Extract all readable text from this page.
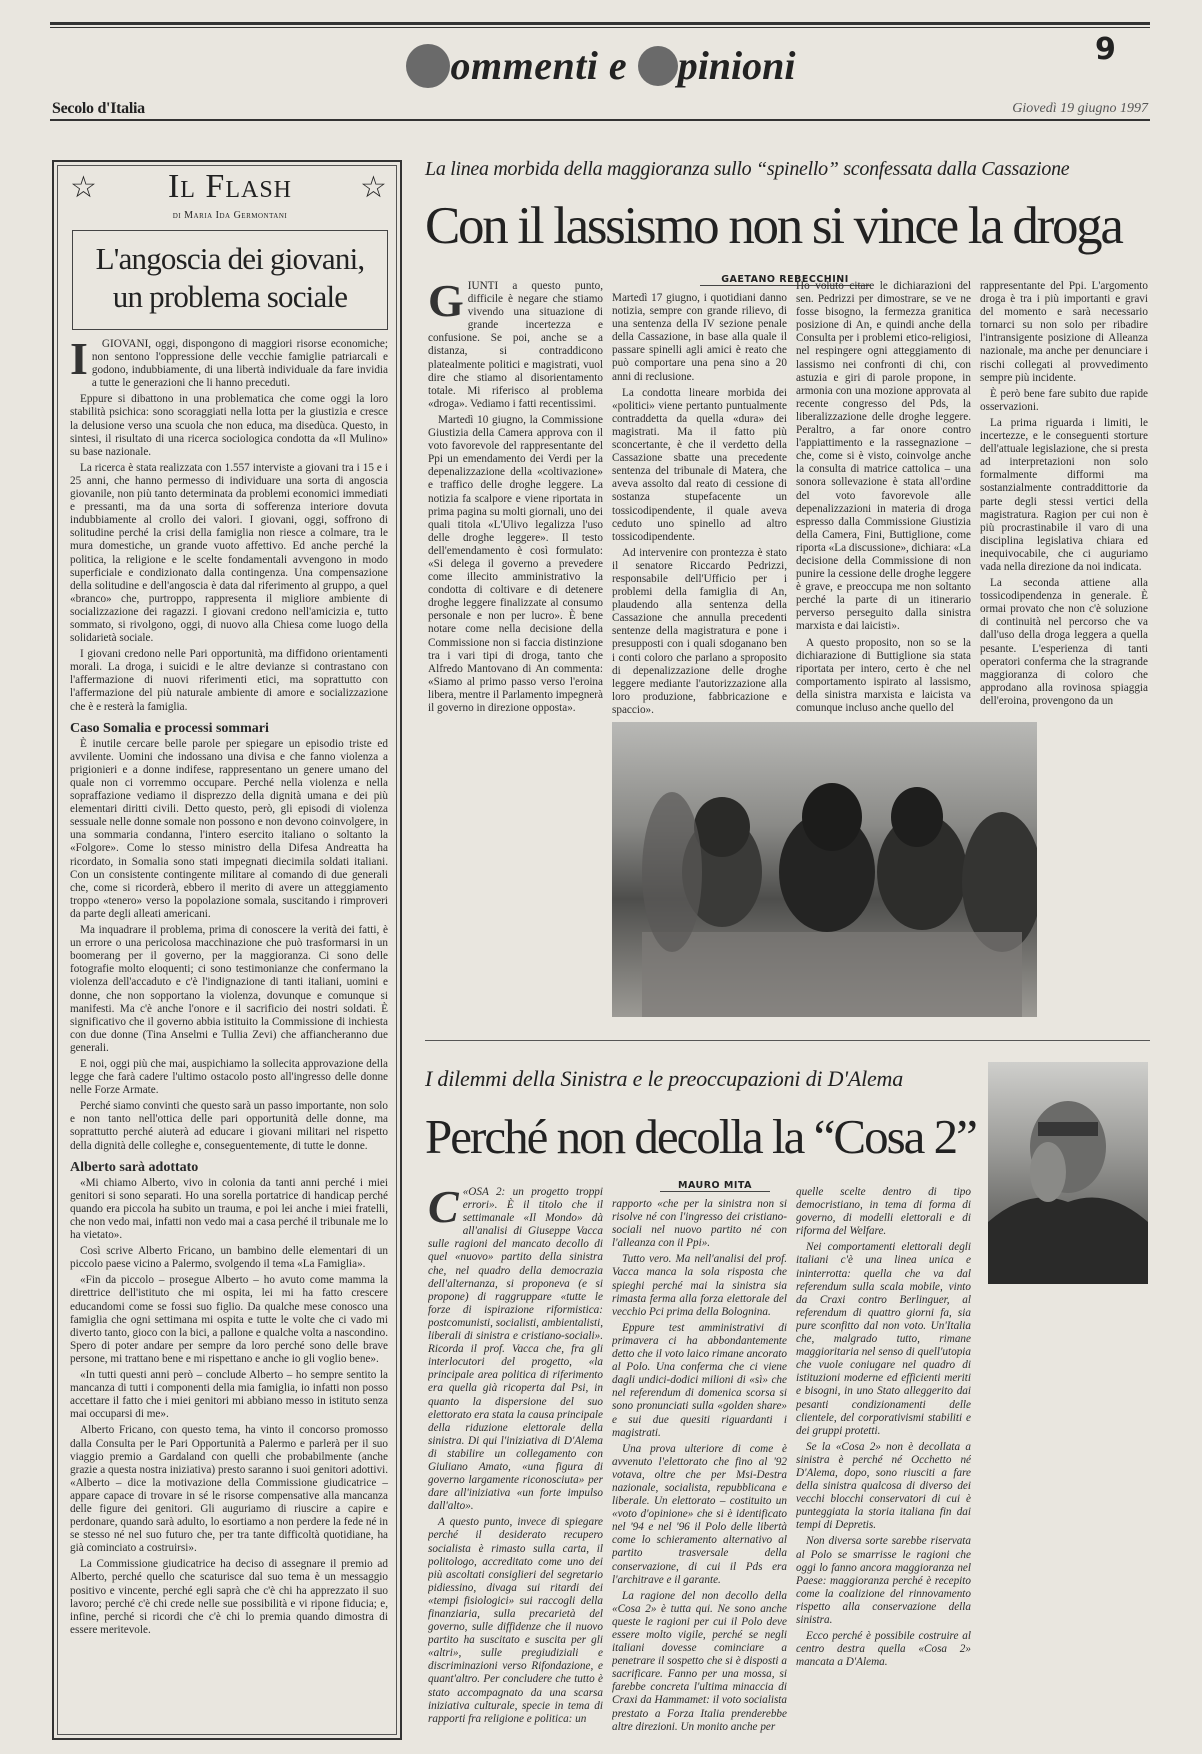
ommenti e pinioni	9
Secolo d'Italia	Giovedì 19 giugno 1997
☆	☆
Il Flash
di Maria Ida Germontani
L'angoscia dei giovani, un problema sociale
I	GIOVANI, oggi, dispongono di maggiori risorse economiche; non sentono l'oppressione delle vecchie famiglie patriarcali e godono, indubbiamente, di una libertà individuale da fare invidia a tutte le generazioni che li hanno preceduti.

Eppure si dibattono in una problematica che come oggi la loro stabilità psichica: sono scoraggiati nella lotta per la giustizia e cresce la delusione verso una scuola che non educa, ma disedùca. Questo, in sintesi, il risultato di una ricerca sociologica condotta da «Il Mulino» su base nazionale.

La ricerca è stata realizzata con 1.557 interviste a giovani tra i 15 e i 25 anni, che hanno permesso di individuare una sorta di angoscia giovanile, non più tanto determinata da problemi economici immediati e pressanti, ma da una sorta di sofferenza interiore dovuta indubbiamente al crollo dei valori. I giovani, oggi, soffrono di solitudine perché la crisi della famiglia non riesce a colmare, tra le mura domestiche, un grande vuoto affettivo. Ed anche perché la politica, la religione e le scelte fondamentali avvengono in modo superficiale e condizionato dalla contingenza. Una compensazione della solitudine e dell'angoscia è data dal riferimento al gruppo, a quel «branco» che, purtroppo, rappresenta il migliore ambiente di socializzazione dei ragazzi. I giovani credono nell'amicizia e, tutto sommato, si rivolgono, oggi, di nuovo alla Chiesa come luogo della solidarietà sociale.

I giovani credono nelle Pari opportunità, ma diffidono orientamenti morali. La droga, i suicidi e le altre devianze si contrastano con l'affermazione di nuovi riferimenti etici, ma soprattutto con l'affermazione del più naturale ambiente di amore e socializzazione che è e resterà la famiglia.

Caso Somalia e processi sommari

È inutile cercare belle parole per spiegare un episodio triste ed avvilente. Uomini che indossano una divisa e che fanno violenza a prigionieri e a donne indifese, rappresentano un genere umano del quale non ci vorremmo occupare. Perché nella violenza e nella sopraffazione vediamo il disprezzo della dignità umana e dei più elementari diritti civili. Detto questo, però, gli episodi di violenza sessuale nelle donne somale non possono e non devono coinvolgere, in una sommaria condanna, l'intero esercito italiano o soltanto la «Folgore». Come lo stesso ministro della Difesa Andreatta ha ricordato, in Somalia sono stati impegnati diecimila soldati italiani. Con un consistente contingente militare al comando di due generali che, come si ricorderà, ebbero il merito di avere un atteggiamento troppo «tenero» verso la popolazione somala, suscitando i rimproveri da parte degli alleati americani.

Ma inquadrare il problema, prima di conoscere la verità dei fatti, è un errore o una pericolosa macchinazione che può trasformarsi in un boomerang per il governo, per la maggioranza. Ci sono delle fotografie molto eloquenti; ci sono testimonianze che confermano la violenza dell'accaduto e c'è l'indignazione di tanti italiani, uomini e donne, che non sopportano la violenza, dovunque e comunque si manifesti. Ma c'è anche l'onore e il sacrificio dei nostri soldati. È significativo che il governo abbia istituito la Commissione di inchiesta con due donne (Tina Anselmi e Tullia Zevi) che affiancheranno due generali.

E noi, oggi più che mai, auspichiamo la sollecita approvazione della legge che farà cadere l'ultimo ostacolo posto all'ingresso delle donne nelle Forze Armate.

Perché siamo convinti che questo sarà un passo importante, non solo e non tanto nell'ottica delle pari opportunità delle donne, ma soprattutto perché aiuterà ad educare i giovani militari nel rispetto della dignità delle colleghe e, conseguentemente, di tutte le donne.

Alberto sarà adottato

«Mi chiamo Alberto, vivo in colonia da tanti anni perché i miei genitori si sono separati. Ho una sorella portatrice di handicap perché quando era piccola ha subito un trauma, e poi lei anche i miei fratelli, che non vedo mai, infatti non vedo mai a casa perché il tribunale me lo ha vietato».

Così scrive Alberto Fricano, un bambino delle elementari di un piccolo paese vicino a Palermo, svolgendo il tema «La Famiglia».

«Fin da piccolo – prosegue Alberto – ho avuto come mamma la direttrice dell'istituto che mi ospita, lei mi ha fatto crescere educandomi come se fossi suo figlio. Da qualche mese conosco una famiglia che ogni settimana mi ospita e tutte le volte che ci vado mi diverto tanto, gioco con la bici, a pallone e qualche volta a nascondino. Spero di poter andare per sempre da loro perché sono delle brave persone, mi trattano bene e mi rispettano e anche io gli voglio bene».

«In tutti questi anni però – conclude Alberto – ho sempre sentito la mancanza di tutti i componenti della mia famiglia, io infatti non posso accettare il fatto che i miei genitori mi abbiano messo in istituto senza mai occuparsi di me».

Alberto Fricano, con questo tema, ha vinto il concorso promosso dalla Consulta per le Pari Opportunità a Palermo e parlerà per il suo viaggio premio a Gardaland con quelli che probabilmente (anche grazie a questa nostra iniziativa) presto saranno i suoi genitori adottivi. «Alberto – dice la motivazione della Commissione giudicatrice – appare capace di trovare in sé le risorse compensative alla mancanza delle figure dei genitori. Gli auguriamo di riuscire a capire e perdonare, quando sarà adulto, lo esortiamo a non perdere la fede né in se stesso né nel suo futuro che, per tra tante difficoltà quotidiane, ha già cominciato a costruirsi».

La Commissione giudicatrice ha deciso di assegnare il premio ad Alberto, perché quello che scaturisce dal suo tema è un messaggio positivo e vincente, perché egli saprà che c'è chi ha apprezzato il suo lavoro; perché c'è chi crede nelle sue possibilità e vi ripone fiducia; e, infine, perché si ricordi che c'è chi lo premia quando dimostra di essere meritevole.

La linea morbida della maggioranza sullo “spinello” sconfessata dalla Cassazione
Con il lassismo non si vince la droga
GAETANO REBECCHINI
G IUNTI a questo punto, difficile è negare che stiamo vivendo una situazione di grande incertezza e confusione. Se poi, anche se a distanza, si contraddicono platealmente politici e magistrati, vuol dire che stiamo al disorientamento totale. Mi riferisco al problema «droga». Vediamo i fatti recentissimi.

Martedì 10 giugno, la Commissione Giustizia della Camera approva con il voto favorevole del rappresentante del Ppi un emendamento dei Verdi per la depenalizzazione della «coltivazione» e traffico delle droghe leggere. La notizia fa scalpore e viene riportata in prima pagina su molti giornali, uno dei quali titola «L'Ulivo legalizza l'uso delle droghe leggere». Il testo dell'emendamento è così formulato: «Si delega il governo a prevedere come illecito amministrativo la condotta di coltivare e di detenere droghe leggere finalizzate al consumo personale e non per lucro». È bene notare come nella decisione della Commissione non si faccia distinzione tra i vari tipi di droga, tanto che Alfredo Mantovano di An commenta: «Siamo al primo passo verso l'eroina libera, mentre il Parlamento impegnerà il governo in direzione opposta».

Martedì 17 giugno, i quotidiani danno notizia, sempre con grande rilievo, di una sentenza della IV sezione penale della Cassazione, in base alla quale il passare spinelli agli amici è reato che può comportare una pena sino a 20 anni di reclusione.

La condotta lineare morbida dei «politici» viene pertanto puntualmente contraddetta da quella «dura» dei magistrati. Ma il fatto più sconcertante, è che il verdetto della Cassazione sbatte una precedente sentenza del tribunale di Matera, che aveva assolto dal reato di cessione di sostanza stupefacente un tossicodipendente, il quale aveva ceduto uno spinello ad altro tossicodipendente.

Ad intervenire con prontezza è stato il senatore Riccardo Pedrizzi, responsabile dell'Ufficio per i problemi della famiglia di An, plaudendo alla sentenza della Cassazione che annulla precedenti sentenze della magistratura e pone i presupposti con i quali sdoganano ben i conti coloro che parlano a sproposito di depenalizzazione delle droghe leggere mediante l'autorizzazione alla loro produzione, fabbricazione e spaccio».

Ho voluto citare le dichiarazioni del sen. Pedrizzi per dimostrare, se ve ne fosse bisogno, la fermezza granitica posizione di An, e quindi anche della Consulta per i problemi etico-religiosi, nel respingere ogni atteggiamento di lassismo nei confronti di chi, con astuzia e giri di parole propone, in armonia con una mozione approvata al recente congresso del Pds, la liberalizzazione delle droghe leggere. Peraltro, a far onore contro l'appiattimento e la rassegnazione – che, come si è visto, coinvolge anche la consulta di matrice cattolica – una sonora sollevazione è stata all'ordine del voto favorevole alle depenalizzazioni in materia di droga espresso dalla Commissione Giustizia della Camera, Fini, Buttiglione, come riporta «La discussione», dichiara: «La decisione della Commissione di non punire la cessione delle droghe leggere è grave, e preoccupa me non soltanto perché la parte di un itinerario perverso perseguito dalla sinistra marxista e dai laicisti».

A questo proposito, non so se la dichiarazione di Buttiglione sia stata riportata per intero, certo è che nel comportamento ispirato al lassismo, della sinistra marxista e laicista va comunque incluso anche quello del

rappresentante del Ppi. L'argomento droga è tra i più importanti e gravi del momento e sarà necessario tornarci su non solo per ribadire l'intransigente posizione di Alleanza nazionale, ma anche per denunciare i rischi collegati al provvedimento sempre più incidente.

È però bene fare subito due rapide osservazioni.

La prima riguarda i limiti, le incertezze, e le conseguenti storture dell'attuale legislazione, che si presta ad interpretazioni non solo formalmente difformi ma sostanzialmente contraddittorie da parte degli stessi vertici della magistratura. Ragion per cui non è più procrastinabile il varo di una disciplina legislativa chiara ed inequivocabile, che ci auguriamo vada nella direzione da noi indicata.

La seconda attiene alla tossicodipendenza in generale. È ormai provato che non c'è soluzione di continuità nel percorso che va dall'uso della droga leggera a quella pesante. L'esperienza di tanti operatori conferma che la stragrande maggioranza di coloro che approdano alla rovinosa spiaggia dell'eroina, provengono da un

I dilemmi della Sinistra e le preoccupazioni di D'Alema
Perché non decolla la “Cosa 2”
MAURO MITA
C «OSA 2: un progetto troppi errori». È il titolo che il settimanale «Il Mondo» dà all'analisi di Giuseppe Vacca sulle ragioni del mancato decollo di quel «nuovo» partito della sinistra che, nel quadro della democrazia dell'alternanza, si proponeva (e si propone) di raggruppare «tutte le forze di ispirazione riformistica: postcomunisti, socialisti, ambientalisti, liberali di sinistra e cristiano-sociali». Ricorda il prof. Vacca che, fra gli interlocutori del progetto, «la principale area politica di riferimento era quella già ricoperta dal Psi, in quanto la dispersione del suo elettorato era stata la causa principale della riduzione elettorale della sinistra. Di qui l'iniziativa di D'Alema di stabilire un collegamento con Giuliano Amato, «una figura di governo largamente riconosciuta» per dare all'iniziativa «un forte impulso dall'alto».

A questo punto, invece di spiegare perché il desiderato recupero socialista è rimasto sulla carta, il politologo, accreditato come uno dei più ascoltati consiglieri del segretario pidiessino, divaga sui ritardi dei «tempi fisiologici» sui raccogli della finanziaria, sulla precarietà del governo, sulle diffidenze che il nuovo partito ha suscitato e suscita per gli «altri», sulle pregiudiziali e discriminazioni verso Rifondazione, e quant'altro. Per concludere che tutto è stato accompagnato da una scarsa iniziativa culturale, specie in tema di rapporti fra religione e politica: un

rapporto «che per la sinistra non si risolve né con l'ingresso dei cristiano-sociali nel nuovo partito né con l'alleanza con il Ppi».

Tutto vero. Ma nell'analisi del prof. Vacca manca la sola risposta che spieghi perché mai la sinistra sia rimasta ferma alla forza elettorale del vecchio Pci prima della Bolognina.

Eppure test amministrativi di primavera ci ha abbondantemente detto che il voto laico rimane ancorato al Polo. Una conferma che ci viene dagli undici-dodici milioni di «sì» che nel referendum di domenica scorsa si sono pronunciati sulla «golden share» e sui due quesiti riguardanti i magistrati.

Una prova ulteriore di come è avvenuto l'elettorato che fino al '92 votava, oltre che per Msi-Destra nazionale, socialista, repubblicana e liberale. Un elettorato – costituito un «voto d'opinione» che si è identificato nel '94 e nel '96 il Polo delle libertà come lo schieramento alternativo al partito trasversale della conservazione, di cui il Pds era l'architrave e il garante.

La ragione del non decollo della «Cosa 2» è tutta qui. Ne sono anche queste le ragioni per cui il Polo deve essere molto vigile, perché se negli italiani dovesse cominciare a penetrare il sospetto che si è disposti a sacrificare. Fanno per una mossa, si farebbe concreta l'ultima minaccia di Craxi da Hammamet: il voto socialista prestato a Forza Italia prenderebbe altre direzioni. Un monito anche per

quelle scelte dentro di tipo democristiano, in tema di forma di governo, di modelli elettorali e di riforma del Welfare.

Nei comportamenti elettorali degli italiani c'è una linea unica e ininterrotta: quella che va dal referendum sulla scala mobile, vinto da Craxi contro Berlinguer, al referendum di quattro giorni fa, sia pure sconfitto dal non voto. Un'Italia che, malgrado tutto, rimane maggioritaria nel senso di quell'utopia che vuole coniugare nel quadro di istituzioni moderne ed efficienti meriti e bisogni, in uno Stato alleggerito dai pesanti condizionamenti delle clientele, del corporativismi stabiliti e dei gruppi protetti.

Se la «Cosa 2» non è decollata a sinistra è perché né Occhetto né D'Alema, dopo, sono riusciti a fare della sinistra qualcosa di diverso dei vecchi blocchi conservatori di cui è punteggiata la storia italiana fin dai tempi di Depretis.

Non diversa sorte sarebbe riservata al Polo se smarrisse le ragioni che oggi lo fanno ancora maggioranza nel Paese: maggioranza perché è recepito come la coalizione del rinnovamento rispetto alla conservazione della sinistra.

Ecco perché è possibile costruire al centro destra quella «Cosa 2» mancata a D'Alema.
